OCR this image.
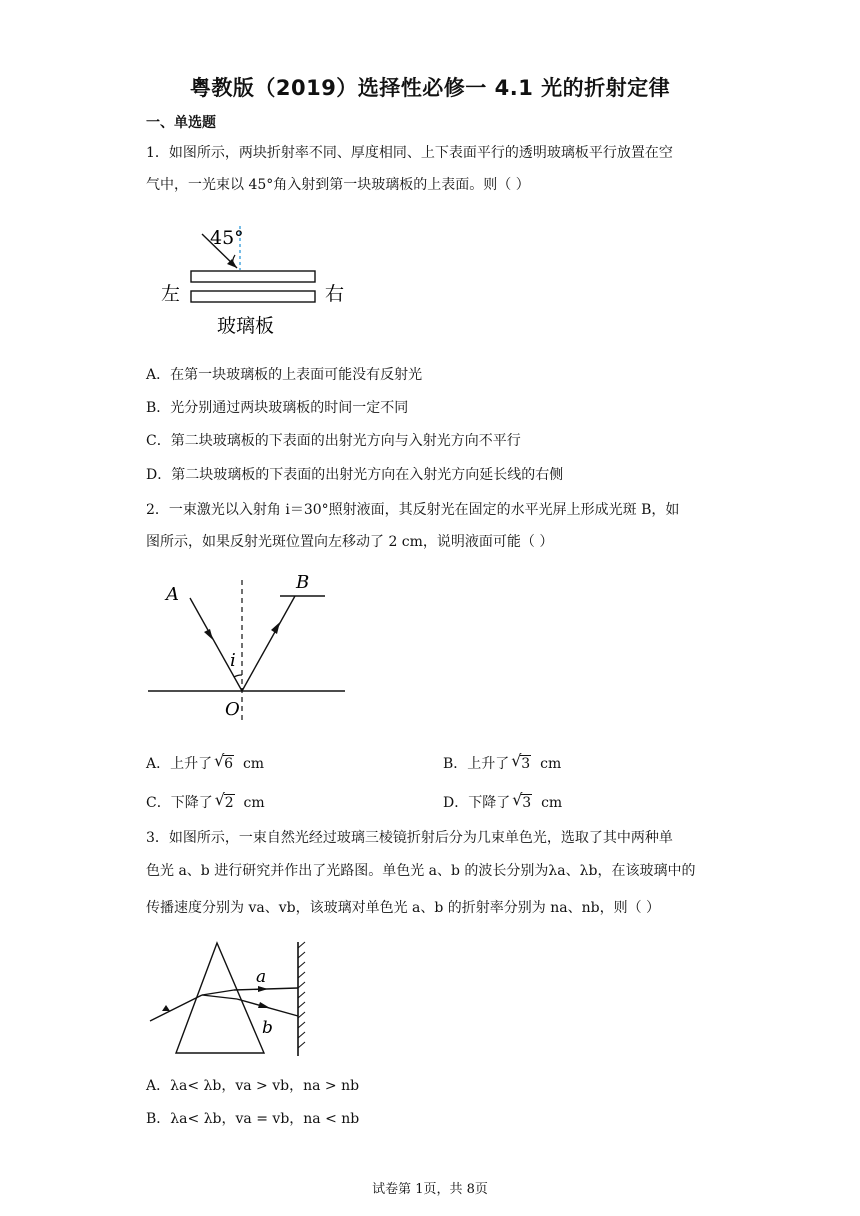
粤教版（2019）选择性必修一 4.1 光的折射定律
一、单选题
1．如图所示，两块折射率不同、厚度相同、上下表面平行的透明玻璃板平行放置在空
气中，一光束以 45°角入射到第一块玻璃板的上表面。则（ ）
45°
左	右
玻璃板
A．在第一块玻璃板的上表面可能没有反射光
B．光分别通过两块玻璃板的时间一定不同
C．第二块玻璃板的下表面的出射光方向与入射光方向不平行
D．第二块玻璃板的下表面的出射光方向在入射光方向延长线的右侧
2．一束激光以入射角 i＝30°照射液面，其反射光在固定的水平光屏上形成光斑 B，如
图所示，如果反射光斑位置向左移动了 2 cm，说明液面可能（ ）
A
B
i
O
A．上升了 √ 6 cm	B．上升了 √ 3 cm
C．下降了 √ 2 cm	D．下降了 √ 3 cm
3．如图所示，一束自然光经过玻璃三棱镜折射后分为几束单色光，选取了其中两种单
色光 a、b 进行研究并作出了光路图。单色光 a、b 的波长分别为λa、λb，在该玻璃中的
传播速度分别为 va、vb，该玻璃对单色光 a、b 的折射率分别为 na、nb，则（ ）
a
b
A．λa< λb，va > vb，na > nb
B．λa< λb，va = vb，na < nb
试卷第 1页，共 8页
